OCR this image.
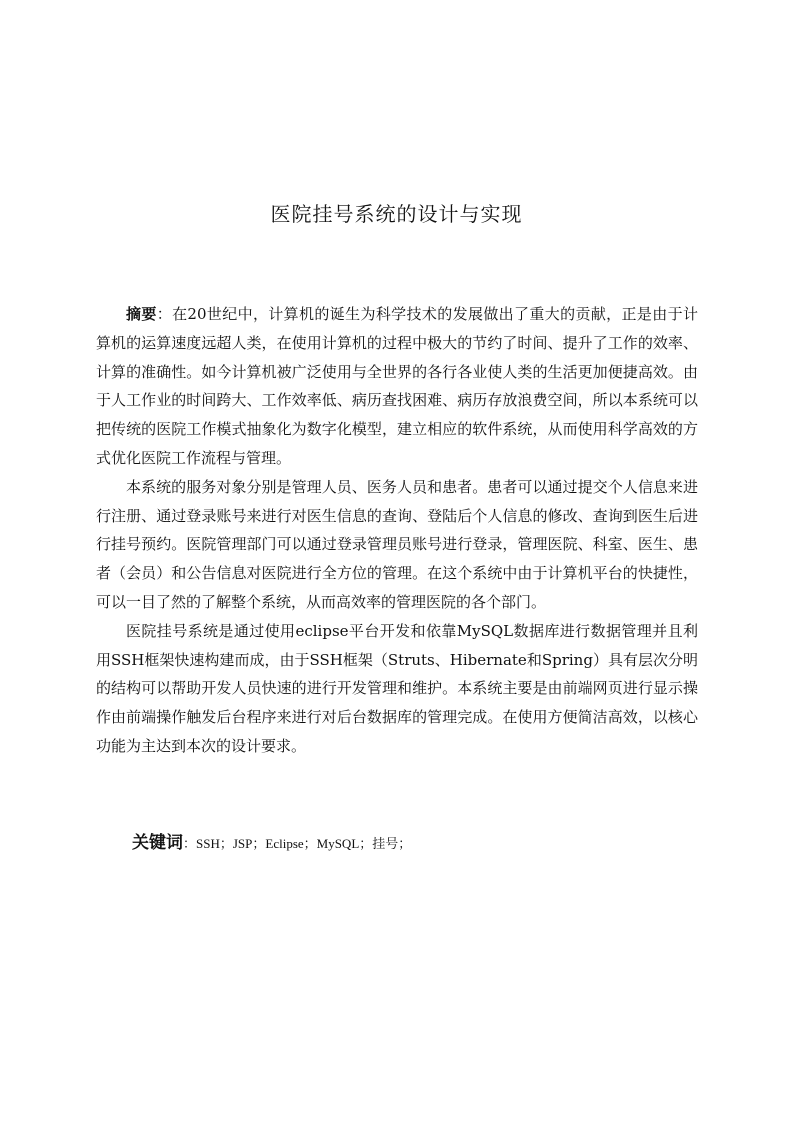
医院挂号系统的设计与实现

摘要：在20世纪中，计算机的诞生为科学技术的发展做出了重大的贡献，正是由于计算机的运算速度远超人类，在使用计算机的过程中极大的节约了时间、提升了工作的效率、计算的准确性。如今计算机被广泛使用与全世界的各行各业使人类的生活更加便捷高效。由于人工作业的时间跨大、工作效率低、病历查找困难、病历存放浪费空间，所以本系统可以把传统的医院工作模式抽象化为数字化模型，建立相应的软件系统，从而使用科学高效的方式优化医院工作流程与管理。

本系统的服务对象分别是管理人员、医务人员和患者。患者可以通过提交个人信息来进行注册、通过登录账号来进行对医生信息的查询、登陆后个人信息的修改、查询到医生后进行挂号预约。医院管理部门可以通过登录管理员账号进行登录，管理医院、科室、医生、患者（会员）和公告信息对医院进行全方位的管理。在这个系统中由于计算机平台的快捷性，可以一目了然的了解整个系统，从而高效率的管理医院的各个部门。

医院挂号系统是通过使用eclipse平台开发和依靠MySQL数据库进行数据管理并且利用SSH框架快速构建而成，由于SSH框架（Struts、Hibernate和Spring）具有层次分明的结构可以帮助开发人员快速的进行开发管理和维护。本系统主要是由前端网页进行显示操作由前端操作触发后台程序来进行对后台数据库的管理完成。在使用方便简洁高效，以核心功能为主达到本次的设计要求。

关键词：SSH；JSP；Eclipse；MySQL；挂号；
